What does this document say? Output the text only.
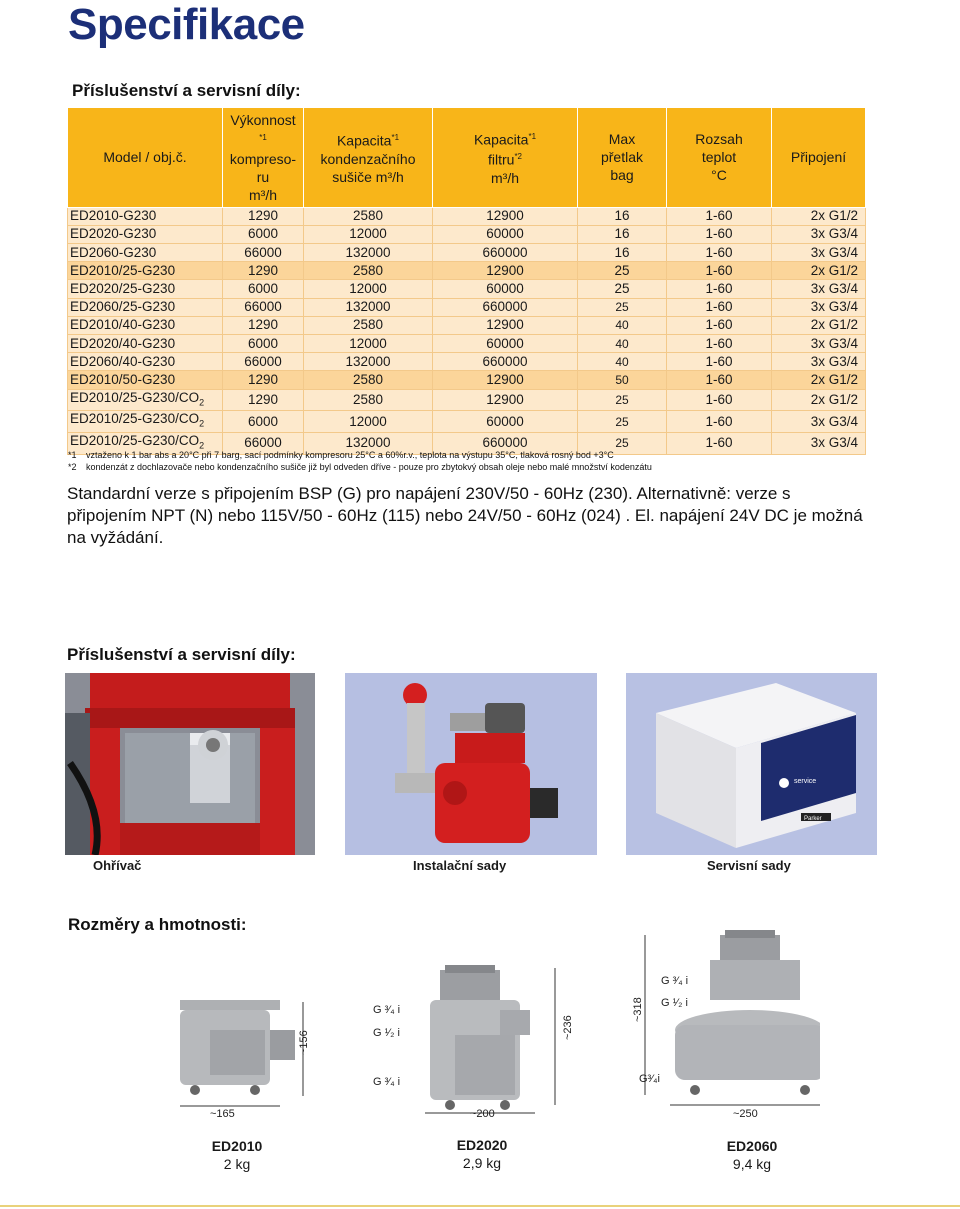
Specifikace
Příslušenství a servisní díly:
Model / obj.č.	Výkonnost
$^{*1}$
kompreso-
ru
m³/h	Kapacita$^{*1}$
kondenzačního
sušiče m³/h	Kapacita$^{*1}$
filtru$^{*2}$
m³/h	Max
přetlak
bag	Rozsah
teplot
°C	Připojení
ED2010-G230	1290	2580	12900	16	1-60	2x G1/2
ED2020-G230	6000	12000	60000	16	1-60	3x G3/4
ED2060-G230	66000	132000	660000	16	1-60	3x G3/4
ED2010/25-G230	1290	2580	12900	25	1-60	2x G1/2
ED2020/25-G230	6000	12000	60000	25	1-60	3x G3/4
ED2060/25-G230	66000	132000	660000	25	1-60	3x G3/4
ED2010/40-G230	1290	2580	12900	40	1-60	2x G1/2
ED2020/40-G230	6000	12000	60000	40	1-60	3x G3/4
ED2060/40-G230	66000	132000	660000	40	1-60	3x G3/4
ED2010/50-G230	1290	2580	12900	50	1-60	2x G1/2
$ED2010/25-G230/CO_2$	1290	2580	12900	25	1-60	2x G1/2
$ED2010/25-G230/CO_2$	6000	12000	60000	25	1-60	3x G3/4
$ED2010/25-G230/CO_2$	66000	132000	660000	25	1-60	3x G3/4
*1 vztaženo k 1 bar abs a 20°C při 7 barg, sací podmínky kompresoru 25°C a 60%r.v., teplota na výstupu 35°C, tlaková rosný bod +3°C
*2 kondenzát z dochlazovače nebo kondenzačního sušiče již byl odveden dříve - pouze pro zbytokvý obsah oleje nebo malé množství kodenzátu
Standardní verze s připojením BSP (G) pro napájení 230V/50 - 60Hz (230). Alternativně: verze s připojením NPT (N) nebo 115V/50 - 60Hz (115) nebo 24V/50 - 60Hz (024) . El. napájení 24V DC je možná na vyžádání.
Příslušenství a servisní díly:
service
Parker
Ohřívač	Instalační sady	Servisní sady
Rozměry a hmotnosti:
~156
~165
G ³⁄₄ i
G ¹⁄₂ i
G ³⁄₄ i
~236
~200
G ³⁄₄ i
G ¹⁄₂ i
G³⁄₄i
~318
~250
ED2010
2 kg
ED2020
2,9 kg
ED2060
9,4 kg
